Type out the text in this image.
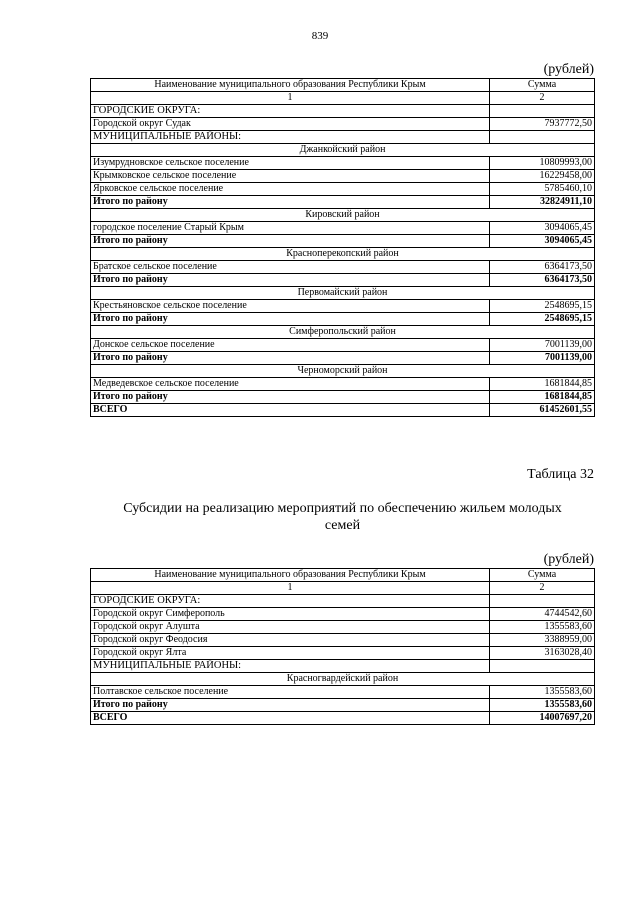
839
(рублей)
Наименование муниципального образования Республики Крым	Сумма
1	2
ГОРОДСКИЕ ОКРУГА:	
Городской округ Судак	7937772,50
МУНИЦИПАЛЬНЫЕ РАЙОНЫ:	
Джанкойский район	
Изумрудновское сельское поселение	10809993,00
Крымковское сельское поселение	16229458,00
Ярковское сельское поселение	5785460,10
Итого по району	32824911,10
Кировский район	
городское поселение Старый Крым	3094065,45
Итого по району	3094065,45
Красноперекопский район	
Братское сельское поселение	6364173,50
Итого по району	6364173,50
Первомайский район	
Крестьяновское сельское поселение	2548695,15
Итого по району	2548695,15
Симферопольский район	
Донское сельское поселение	7001139,00
Итого по району	7001139,00
Черноморский район	
Медведевское сельское поселение	1681844,85
Итого по району	1681844,85
ВСЕГО	61452601,55
Таблица 32
Субсидии на реализацию мероприятий по обеспечению жильем молодых семей
(рублей)
Наименование муниципального образования Республики Крым	Сумма
1	2
ГОРОДСКИЕ ОКРУГА:	
Городской округ Симферополь	4744542,60
Городской округ Алушта	1355583,60
Городской округ Феодосия	3388959,00
Городской округ Ялта	3163028,40
МУНИЦИПАЛЬНЫЕ РАЙОНЫ:	
Красногвардейский район	
Полтавское сельское поселение	1355583,60
Итого по району	1355583,60
ВСЕГО	14007697,20
